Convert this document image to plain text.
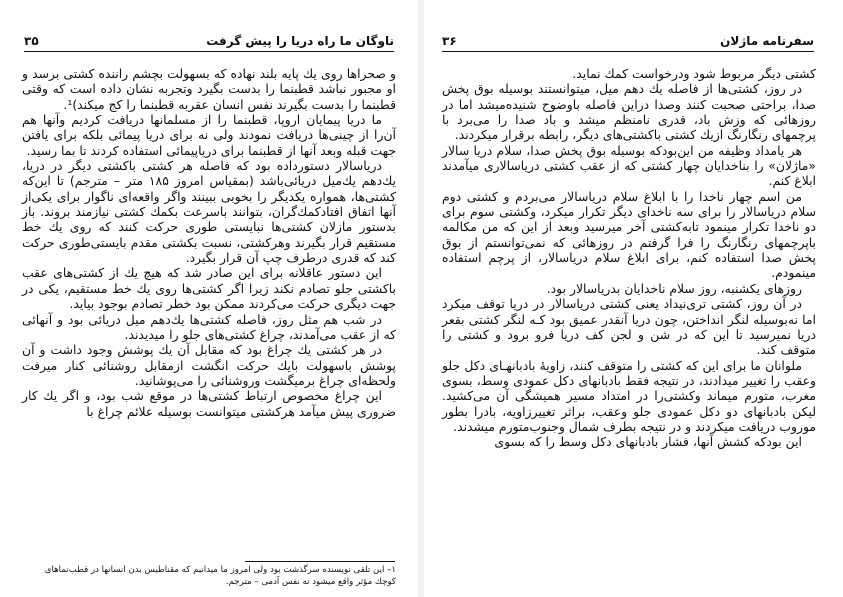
ناوگان ما راه دریا را پیش گرفت
۳۵

و صحراها روی یك پایه بلند نهاده که بسهولت بچشم راننده کشتی برسد و او مجبور نباشد قطبنما را بدست بگیرد وتجربه نشان داده است که وقتی قطبنما را بدست بگیرند نفس انسان عقربه قطبنما را کج میکند)¹.

ما دریا پیمایان اروپا، قطبنما را از مسلمانها دریافت کردیم وآنها هم آن‌را از چینی‌ها دریافت نمودند ولی نه برای دریا پیمائی بلکه برای یافتن جهت قبله وبعد آنها از قطبنما برای دریاپیمائی استفاده کردند تا بما رسید.

دریاسالار دستورداده بود که فاصله هر کشتی باکشتی دیگر در دریا، یك‌دهم یك‌میل دریائی‌باشد (بمقیاس امروز ۱۸۵ متر – مترجم) تا این‌که کشتی‌ها، همواره یکدیگر را بخوبی ببینند واگر واقعه‌ای ناگوار برای یکی‌از آنها اتفاق افتادکمك‌گران، بتوانند باسرعت بکمك کشتی نیازمند بروند. باز بدستور مازلان کشتی‌ها نبایستی طوری حرکت کنند که روی یك خط مستقیم قرار بگیرند وهرکشتی، نسبت بکشتی مقدم بایستی‌طوری حرکت کند که قدری درطرف چپ آن قرار بگیرد.

این دستور عاقلانه برای این صادر شد که هیچ یك از کشتی‌های عقب باکشتی جلو تصادم نکند زیرا اگر کشتی‌ها روی یك خط مستقیم، یکی در جهت دیگری حرکت می‌کردند ممکن بود خطر تصادم بوجود بیاید.

در شب هم مثل روز، فاصله کشتی‌ها یك‌دهم میل دریائی بود و آنهائی که از عقب می‌آمدند، چراغ کشتی‌های جلو را میدیدند.

در هر کشتی یك چراغ بود که مقابل آن یك پوشش وجود داشت و آن پوشش باسهولت بایك حرکت انگشت ازمقابل روشنائی کنار میرفت ولحظه‌ای چراغ برمیگشت وروشنائی را می‌پوشانید.

این چراغ مخصوص ارتباط کشتی‌ها در موقع شب بود، و اگر یك کار ضروری پیش میآمد هرکشتی میتوانست بوسیله علائم چراغ با

۱– این تلقی نویسنده سرگذشت بود ولی امروز ما میدانیم که مقناطیس بدن انسانها در قطب‌نماهای کوچك مؤثر واقع میشود نه نفس آدمی – مترجم.

سفرنامه ماژلان
۳۶

کشتی دیگر مربوط شود ودرخواست کمك نماید.

در روز، کشتی‌ها از فاصله یك دهم میل، میتوانستند بوسیله بوق پخش صدا، براحتی صحبت کنند وصدا دراین فاصله باوضوح شنیده‌میشد اما در روزهائی که وزش باد، قدری نامنظم میشد و باد صدا را می‌برد با پرچمهای رنگارنگ ازیك کشتی باکشتی‌های دیگر، رابطه برقرار میکردند.

هر یامداد وظیفه من این‌بودکه بوسیله بوق پخش صدا، سلام دریا سالار «ماژلان» را بناخدایان چهار کشتی که از عقب کشتی دریاسالاری میآمدند ابلاغ کنم.

من اسم چهار ناخدا را با ابلاغ سلام دریاسالار می‌بردم و کشتی دوم سلام دریاسالار را برای سه ناخدای دیگر تکرار میکرد، وکشتی سوم برای دو ناخدا تکرار مینمود تابه‌کشتی آخر میرسید وبعد از این که من مکالمه باپرچمهای رنگارنگ را فرا گرفتم در روزهائی که نمی‌توانستم از بوق پخش صدا استفاده کنم، برای ابلاغ سلام دریاسالار، از پرچم استفاده مینمودم.

روزهای یکشنبه، روز سلام ناخدایان بدریاسالار بود.

در آن روز، کشتی تری‌نیداد یعنی کشتی دریاسالار در دریا توقف میکرد اما نه‌بوسیله لنگر انداختن، چون دریا آنقدر عمیق بود کـه لنگر کشتی بقعر دریا نمیرسید تا این که در شن و لجن کف دریا فرو برود و کشتی را متوقف کند.

ملوانان ما برای این که کشتی را متوقف کنند، زاویهٔ بادبانهـای دکل جلو وعقب را تغییر میدادند، در نتیجه فقط بادبانهای دکل عمودی وسط، بسوی مغرب، متورم میماند وکشتی‌را در امتداد مسیر همیشگی آن می‌کشید. لیکن بادبانهای دو دکل عمودی جلو وعقب، براثر تغییرزاویه، بادرا بطور موروب دریافت میکردند و در نتیجه بطرف شمال وجنوب‌متورم میشدند.

این بودکه کشش آنها، فشار بادبانهای دکل وسط را که بسوی
